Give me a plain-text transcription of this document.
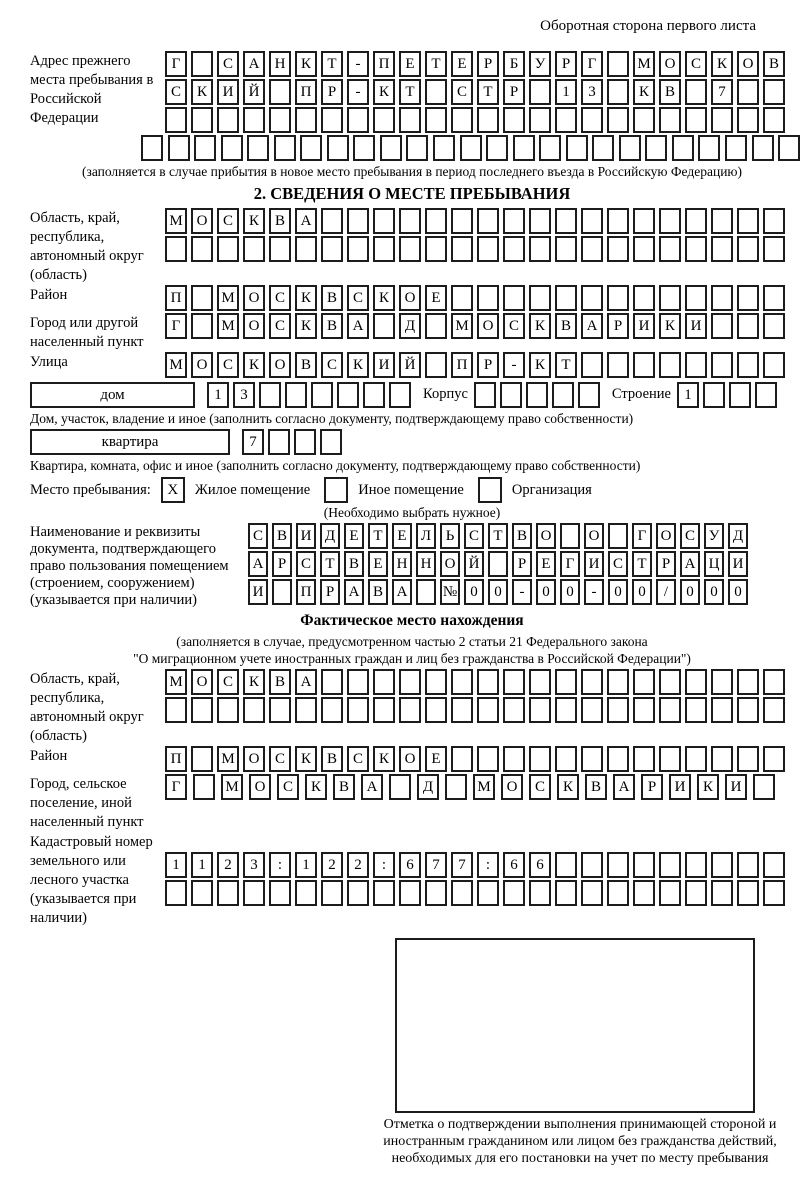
Оборотная сторона первого листа
Адрес прежнего места пребывания в Российской Федерации
Г	С	А	Н	К	Т	-	П	Е	Т	Е	Р	Б	У	Р	Г	М О	С	К	О	В
С	К	И	Й	П	Р	-	К	Т	С	Т	Р	1	3	К	В	7
(заполняется в случае прибытия в новое место пребывания в период последнего въезда в Российскую Федерацию)
2. СВЕДЕНИЯ О МЕСТЕ ПРЕБЫВАНИЯ
Область, край, республика, автономный округ (область)
М О	С	К	В	А
Район	П	М О	С	К	В	С	К	О	Е
Город или другой населенный пункт
Г	М О	С	К	В	А	Д	М О	С	К	В	А	Р	И	К	И
Улица	М О	С	К	О	В	С	К	И	Й	П	Р	-	К	Т
дом	1	3	Корпус	Строение 1
Дом, участок, владение и иное (заполнить согласно документу, подтверждающему право собственности)
квартира	7
Квартира, комната, офис и иное (заполнить согласно документу, подтверждающему право собственности)
Место пребывания:	X	Жилое помещение	Иное помещение	Организация
(Необходимо выбрать нужное)
Наименование и реквизиты документа, подтверждающего право пользования помещением (строением, сооружением) (указывается при наличии)
С В И Д Е Т Е Л Ь С Т В О	О	Г О С У Д
А Р С Т В Е Н Н О Й	Р	Е	Г И С Т	Р А Ц И
И	П Р А В А	№ 0	0	-	0	0	-	0	0	/	0	0	0
Фактическое место нахождения
(заполняется в случае, предусмотренном частью 2 статьи 21 Федерального закона
"О миграционном учете иностранных граждан и лиц без гражданства в Российской Федерации")
Область, край, республика, автономный округ (область)
М О	С	К	В	А
Район	П	М О	С	К	В	С	К	О	Е
Город, сельское поселение, иной населенный пункт
Г	М	О	С	К	В	А	Д	М	О	С	К	В	А	Р	И	К	И
Кадастровый номер земельного или лесного участка (указывается при наличии)
1	1	2	3	:	1	2	2	:	6	7	7	:	6	6
Отметка о подтверждении выполнения принимающей стороной и иностранным гражданином или лицом без гражданства действий, необходимых для его постановки на учет по месту пребывания
